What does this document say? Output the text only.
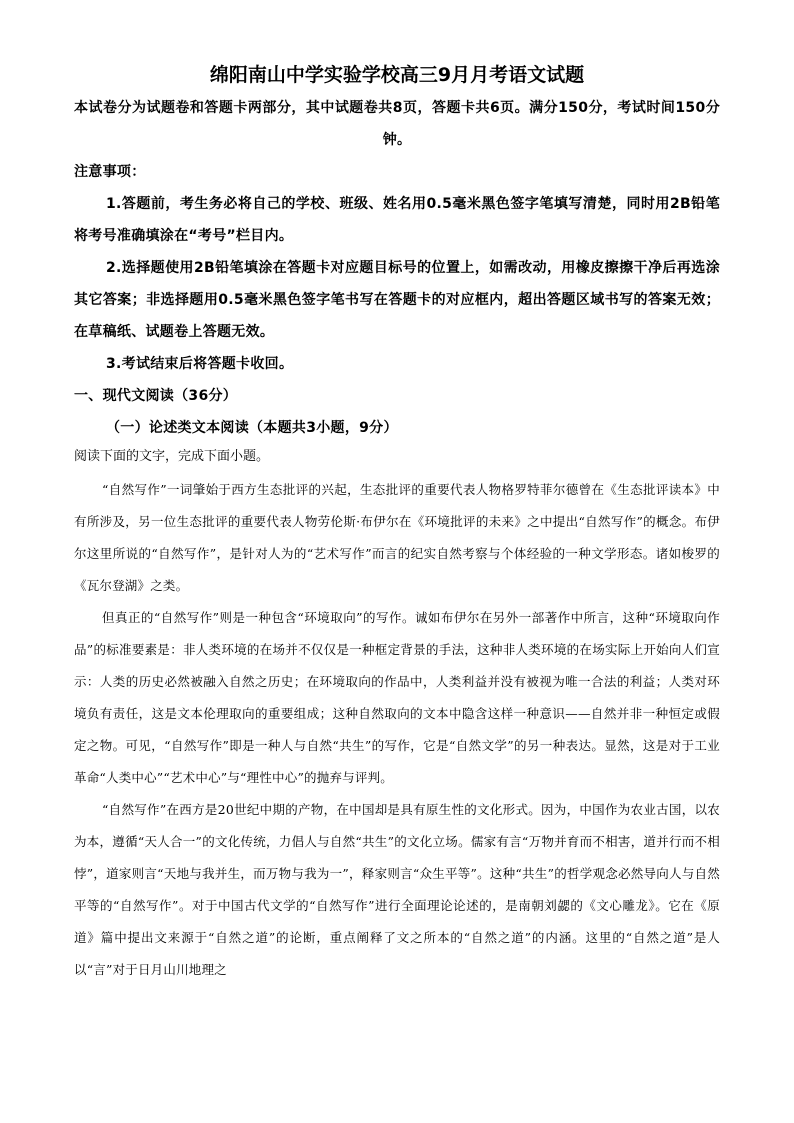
绵阳南山中学实验学校高三9月月考语文试题

本试卷分为试题卷和答题卡两部分，其中试题卷共8页，答题卡共6页。满分150分，考试时间150分钟。

注意事项：

1.答题前，考生务必将自己的学校、班级、姓名用0.5毫米黑色签字笔填写清楚，同时用2B铅笔将考号准确填涂在“考号”栏目内。

2.选择题使用2B铅笔填涂在答题卡对应题目标号的位置上，如需改动，用橡皮擦擦干净后再选涂其它答案；非选择题用0.5毫米黑色签字笔书写在答题卡的对应框内，超出答题区域书写的答案无效；在草稿纸、试题卷上答题无效。

3.考试结束后将答题卡收回。

一、现代文阅读（36分）

（一）论述类文本阅读（本题共3小题，9分）

阅读下面的文字，完成下面小题。

“自然写作”一词肇始于西方生态批评的兴起，生态批评的重要代表人物格罗特菲尔德曾在《生态批评读本》中有所涉及，另一位生态批评的重要代表人物劳伦斯·布伊尔在《环境批评的未来》之中提出“自然写作”的概念。布伊尔这里所说的“自然写作”，是针对人为的“艺术写作”而言的纪实自然考察与个体经验的一种文学形态。诸如梭罗的《瓦尔登湖》之类。

但真正的“自然写作”则是一种包含“环境取向”的写作。诚如布伊尔在另外一部著作中所言，这种“环境取向作品”的标准要素是：非人类环境的在场并不仅仅是一种框定背景的手法，这种非人类环境的在场实际上开始向人们宣示：人类的历史必然被融入自然之历史；在环境取向的作品中，人类利益并没有被视为唯一合法的利益；人类对环境负有责任，这是文本伦理取向的重要组成；这种自然取向的文本中隐含这样一种意识——自然并非一种恒定或假定之物。可见，“自然写作”即是一种人与自然“共生”的写作，它是“自然文学”的另一种表达。显然，这是对于工业革命“人类中心”“艺术中心”与“理性中心”的抛弃与评判。

“自然写作”在西方是20世纪中期的产物，在中国却是具有原生性的文化形式。因为，中国作为农业古国，以农为本，遵循“天人合一”的文化传统，力倡人与自然“共生”的文化立场。儒家有言“万物并育而不相害，道并行而不相悖”，道家则言“天地与我并生，而万物与我为一”，释家则言“众生平等”。这种“共生”的哲学观念必然导向人与自然平等的“自然写作”。对于中国古代文学的“自然写作”进行全面理论论述的，是南朝刘勰的《文心雕龙》。它在《原道》篇中提出文来源于“自然之道”的论断，重点阐释了文之所本的“自然之道”的内涵。这里的“自然之道”是人以“言”对于日月山川地理之
